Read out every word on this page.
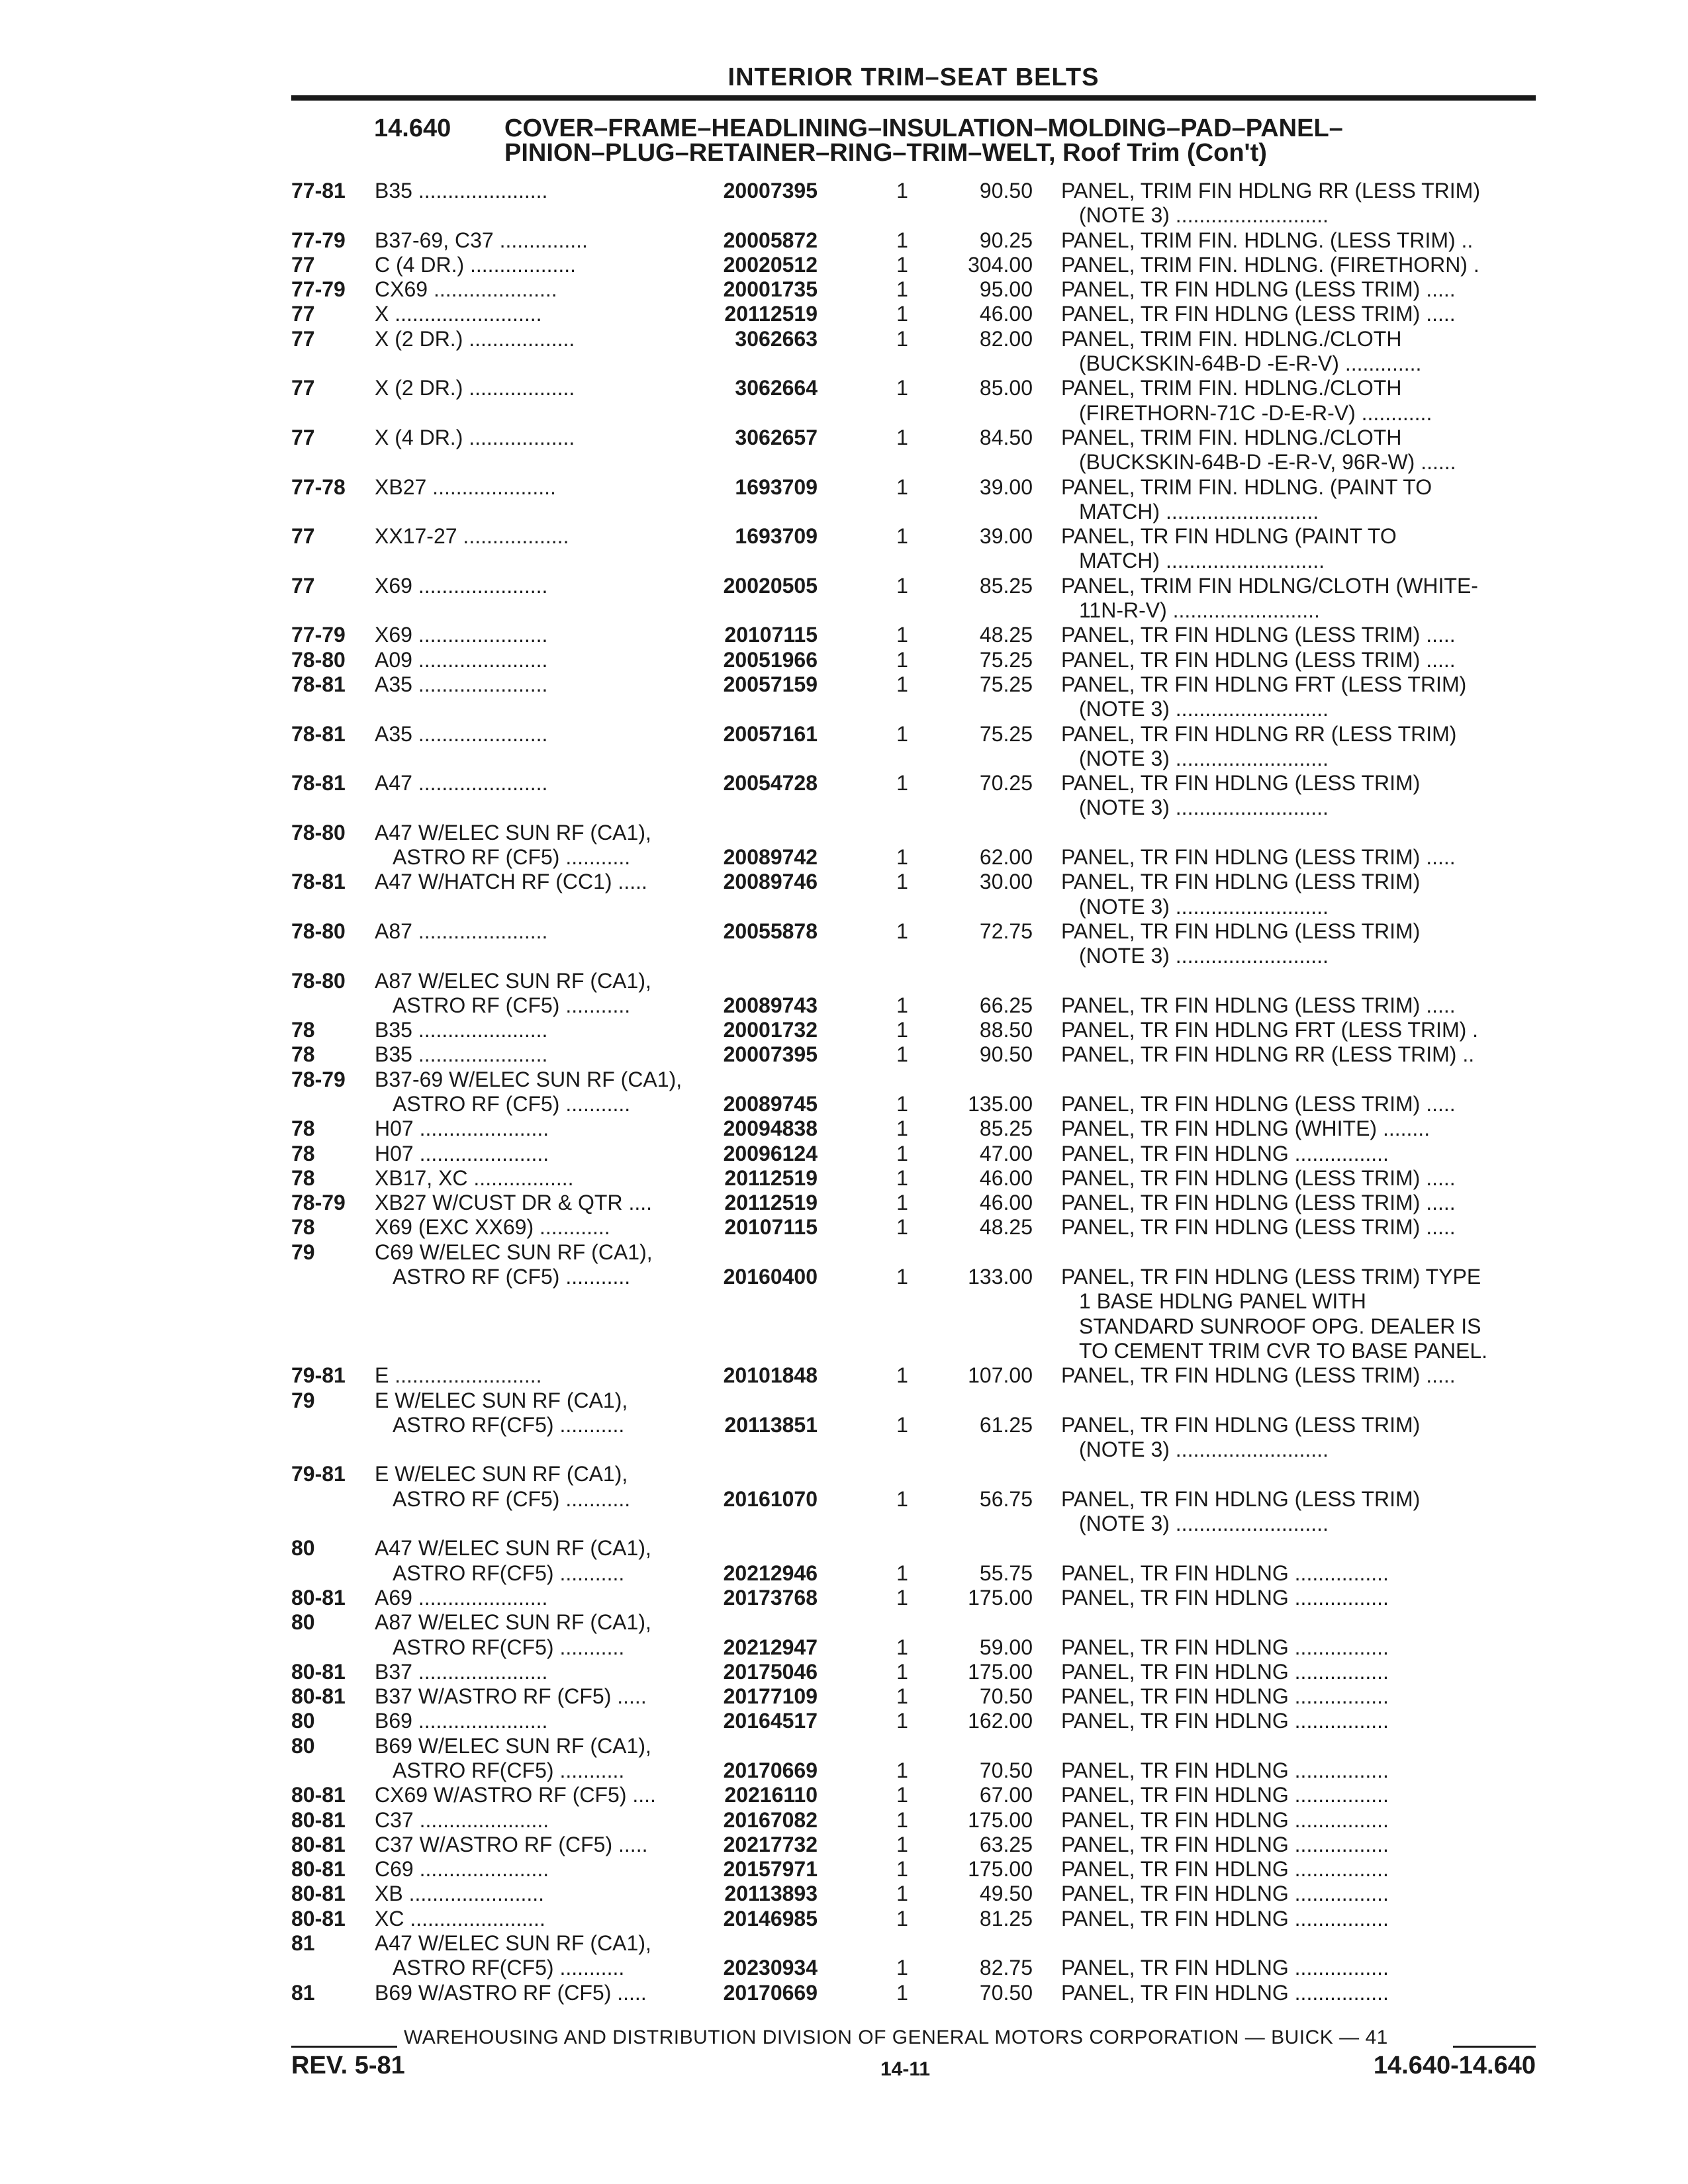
INTERIOR TRIM–SEAT BELTS
14.640 COVER–FRAME–HEADLINING–INSULATION–MOLDING–PAD–PANEL–
PINION–PLUG–RETAINER–RING–TRIM–WELT, Roof Trim (Con't)
77-81	B35 ......................	20007395	1	90.50 PANEL, TRIM FIN HDLNG RR (LESS TRIM)
(NOTE 3) ..........................
77-79	B37-69, C37 ...............	20005872	1	90.25 PANEL, TRIM FIN. HDLNG. (LESS TRIM) ..
77	C (4 DR.) ..................	20020512	1	304.00 PANEL, TRIM FIN. HDLNG. (FIRETHORN) .
77-79	CX69 .....................	20001735	1	95.00 PANEL, TR FIN HDLNG (LESS TRIM) .....
77	X .........................	20112519	1	46.00 PANEL, TR FIN HDLNG (LESS TRIM) .....
77	X (2 DR.) ..................	3062663	1	82.00 PANEL, TRIM FIN. HDLNG./CLOTH
(BUCKSKIN-64B-D -E-R-V) .............
77	X (2 DR.) ..................	3062664	1	85.00 PANEL, TRIM FIN. HDLNG./CLOTH
(FIRETHORN-71C -D-E-R-V) ............
77	X (4 DR.) ..................	3062657	1	84.50 PANEL, TRIM FIN. HDLNG./CLOTH
(BUCKSKIN-64B-D -E-R-V, 96R-W) ......
77-78	XB27 .....................	1693709	1	39.00 PANEL, TRIM FIN. HDLNG. (PAINT TO
MATCH) ..........................
77	XX17-27 ..................	1693709	1	39.00 PANEL, TR FIN HDLNG (PAINT TO
MATCH) ...........................
77	X69 ......................	20020505	1	85.25 PANEL, TRIM FIN HDLNG/CLOTH (WHITE-
11N-R-V) .........................
77-79	X69 ......................	20107115	1	48.25 PANEL, TR FIN HDLNG (LESS TRIM) .....
78-80	A09 ......................	20051966	1	75.25 PANEL, TR FIN HDLNG (LESS TRIM) .....
78-81	A35 ......................	20057159	1	75.25 PANEL, TR FIN HDLNG FRT (LESS TRIM)
(NOTE 3) ..........................
78-81	A35 ......................	20057161	1	75.25 PANEL, TR FIN HDLNG RR (LESS TRIM)
(NOTE 3) ..........................
78-81	A47 ......................	20054728	1	70.25 PANEL, TR FIN HDLNG (LESS TRIM)
(NOTE 3) ..........................
78-80	A47 W/ELEC SUN RF (CA1),
ASTRO RF (CF5) ...........	20089742	1	62.00 PANEL, TR FIN HDLNG (LESS TRIM) .....
78-81	A47 W/HATCH RF (CC1) .....	20089746	1	30.00 PANEL, TR FIN HDLNG (LESS TRIM)
(NOTE 3) ..........................
78-80	A87 ......................	20055878	1	72.75 PANEL, TR FIN HDLNG (LESS TRIM)
(NOTE 3) ..........................
78-80	A87 W/ELEC SUN RF (CA1),
ASTRO RF (CF5) ...........	20089743	1	66.25 PANEL, TR FIN HDLNG (LESS TRIM) .....
78	B35 ......................	20001732	1	88.50 PANEL, TR FIN HDLNG FRT (LESS TRIM) .
78	B35 ......................	20007395	1	90.50 PANEL, TR FIN HDLNG RR (LESS TRIM) ..
78-79	B37-69 W/ELEC SUN RF (CA1),
ASTRO RF (CF5) ...........	20089745	1	135.00 PANEL, TR FIN HDLNG (LESS TRIM) .....
78	H07 ......................	20094838	1	85.25 PANEL, TR FIN HDLNG (WHITE) ........
78	H07 ......................	20096124	1	47.00 PANEL, TR FIN HDLNG ................
78	XB17, XC .................	20112519	1	46.00 PANEL, TR FIN HDLNG (LESS TRIM) .....
78-79	XB27 W/CUST DR & QTR ....	20112519	1	46.00 PANEL, TR FIN HDLNG (LESS TRIM) .....
78	X69 (EXC XX69) ............	20107115	1	48.25 PANEL, TR FIN HDLNG (LESS TRIM) .....
79	C69 W/ELEC SUN RF (CA1),
ASTRO RF (CF5) ...........	20160400	1	133.00 PANEL, TR FIN HDLNG (LESS TRIM) TYPE
1 BASE HDLNG PANEL WITH
STANDARD SUNROOF OPG. DEALER IS
TO CEMENT TRIM CVR TO BASE PANEL.
79-81	E .........................	20101848	1	107.00 PANEL, TR FIN HDLNG (LESS TRIM) .....
79	E W/ELEC SUN RF (CA1),
ASTRO RF(CF5) ...........	20113851	1	61.25 PANEL, TR FIN HDLNG (LESS TRIM)
(NOTE 3) ..........................
79-81	E W/ELEC SUN RF (CA1),
ASTRO RF (CF5) ...........	20161070	1	56.75 PANEL, TR FIN HDLNG (LESS TRIM)
(NOTE 3) ..........................
80	A47 W/ELEC SUN RF (CA1),
ASTRO RF(CF5) ...........	20212946	1	55.75 PANEL, TR FIN HDLNG ................
80-81	A69 ......................	20173768	1	175.00 PANEL, TR FIN HDLNG ................
80	A87 W/ELEC SUN RF (CA1),
ASTRO RF(CF5) ...........	20212947	1	59.00 PANEL, TR FIN HDLNG ................
80-81	B37 ......................	20175046	1	175.00 PANEL, TR FIN HDLNG ................
80-81	B37 W/ASTRO RF (CF5) .....	20177109	1	70.50 PANEL, TR FIN HDLNG ................
80	B69 ......................	20164517	1	162.00 PANEL, TR FIN HDLNG ................
80	B69 W/ELEC SUN RF (CA1),
ASTRO RF(CF5) ...........	20170669	1	70.50 PANEL, TR FIN HDLNG ................
80-81	CX69 W/ASTRO RF (CF5) ....	20216110	1	67.00 PANEL, TR FIN HDLNG ................
80-81	C37 ......................	20167082	1	175.00 PANEL, TR FIN HDLNG ................
80-81	C37 W/ASTRO RF (CF5) .....	20217732	1	63.25 PANEL, TR FIN HDLNG ................
80-81	C69 ......................	20157971	1	175.00 PANEL, TR FIN HDLNG ................
80-81	XB .......................	20113893	1	49.50 PANEL, TR FIN HDLNG ................
80-81	XC .......................	20146985	1	81.25 PANEL, TR FIN HDLNG ................
81	A47 W/ELEC SUN RF (CA1),
ASTRO RF(CF5) ...........	20230934	1	82.75 PANEL, TR FIN HDLNG ................
81	B69 W/ASTRO RF (CF5) .....	20170669	1	70.50 PANEL, TR FIN HDLNG ................
WAREHOUSING AND DISTRIBUTION DIVISION OF GENERAL MOTORS CORPORATION — BUICK — 41
REV. 5-81	14-11	14.640-14.640
